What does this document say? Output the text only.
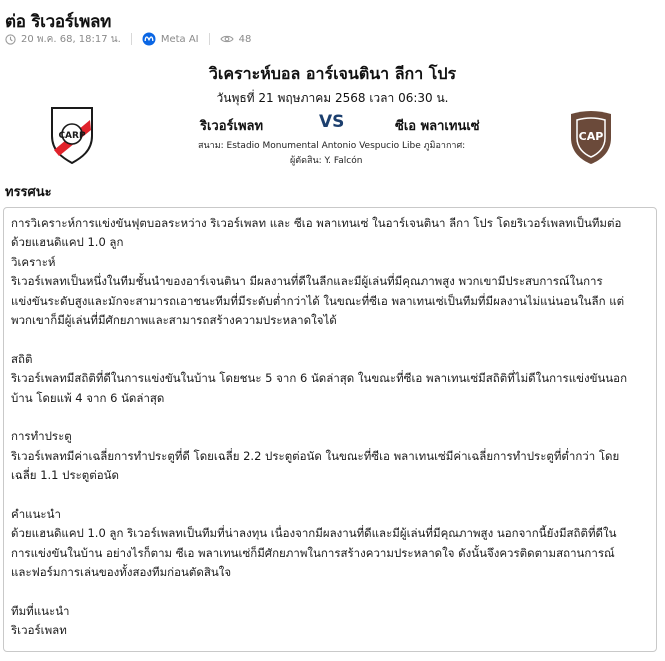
ต่อ ริเวอร์เพลท
20 พ.ค. 68, 18:17 น.	Meta AI	48
วิเคราะห์บอล อาร์เจนตินา ลีกา โปร
วันพุธที่ 21 พฤษภาคม 2568 เวลา 06:30 น.
CARP
ริเวอร์เพลท	VS	ซีเอ พลาเทนเซ่
CAP
สนาม: Estadio Monumental Antonio Vespucio Libe ภูมิอากาศ:
ผู้ตัดสิน: Y. Falcón
ทรรศนะ

การวิเคราะห์การแข่งขันฟุตบอลระหว่าง ริเวอร์เพลท และ ซีเอ พลาเทนเซ่ ในอาร์เจนตินา ลีกา โปร โดยริเวอร์เพลทเป็นทีมต่อ

ด้วยแฮนดิแคป 1.0 ลูก

วิเคราะห์

ริเวอร์เพลทเป็นหนึ่งในทีมชั้นนำของอาร์เจนตินา มีผลงานที่ดีในลีกและมีผู้เล่นที่มีคุณภาพสูง พวกเขามีประสบการณ์ในการ

แข่งขันระดับสูงและมักจะสามารถเอาชนะทีมที่มีระดับต่ำกว่าได้ ในขณะที่ซีเอ พลาเทนเซ่เป็นทีมที่มีผลงานไม่แน่นอนในลีก แต่

พวกเขาก็มีผู้เล่นที่มีศักยภาพและสามารถสร้างความประหลาดใจได้

สถิติ

ริเวอร์เพลทมีสถิติที่ดีในการแข่งขันในบ้าน โดยชนะ 5 จาก 6 นัดล่าสุด ในขณะที่ซีเอ พลาเทนเซ่มีสถิติที่ไม่ดีในการแข่งขันนอก

บ้าน โดยแพ้ 4 จาก 6 นัดล่าสุด

การทำประตู

ริเวอร์เพลทมีค่าเฉลี่ยการทำประตูที่ดี โดยเฉลี่ย 2.2 ประตูต่อนัด ในขณะที่ซีเอ พลาเทนเซ่มีค่าเฉลี่ยการทำประตูที่ต่ำกว่า โดย

เฉลี่ย 1.1 ประตูต่อนัด

คำแนะนำ

ด้วยแฮนดิแคป 1.0 ลูก ริเวอร์เพลทเป็นทีมที่น่าลงทุน เนื่องจากมีผลงานที่ดีและมีผู้เล่นที่มีคุณภาพสูง นอกจากนี้ยังมีสถิติที่ดีใน

การแข่งขันในบ้าน อย่างไรก็ตาม ซีเอ พลาเทนเซ่ก็มีศักยภาพในการสร้างความประหลาดใจ ดังนั้นจึงควรติดตามสถานการณ์

และฟอร์มการเล่นของทั้งสองทีมก่อนตัดสินใจ

ทีมที่แนะนำ

ริเวอร์เพลท
